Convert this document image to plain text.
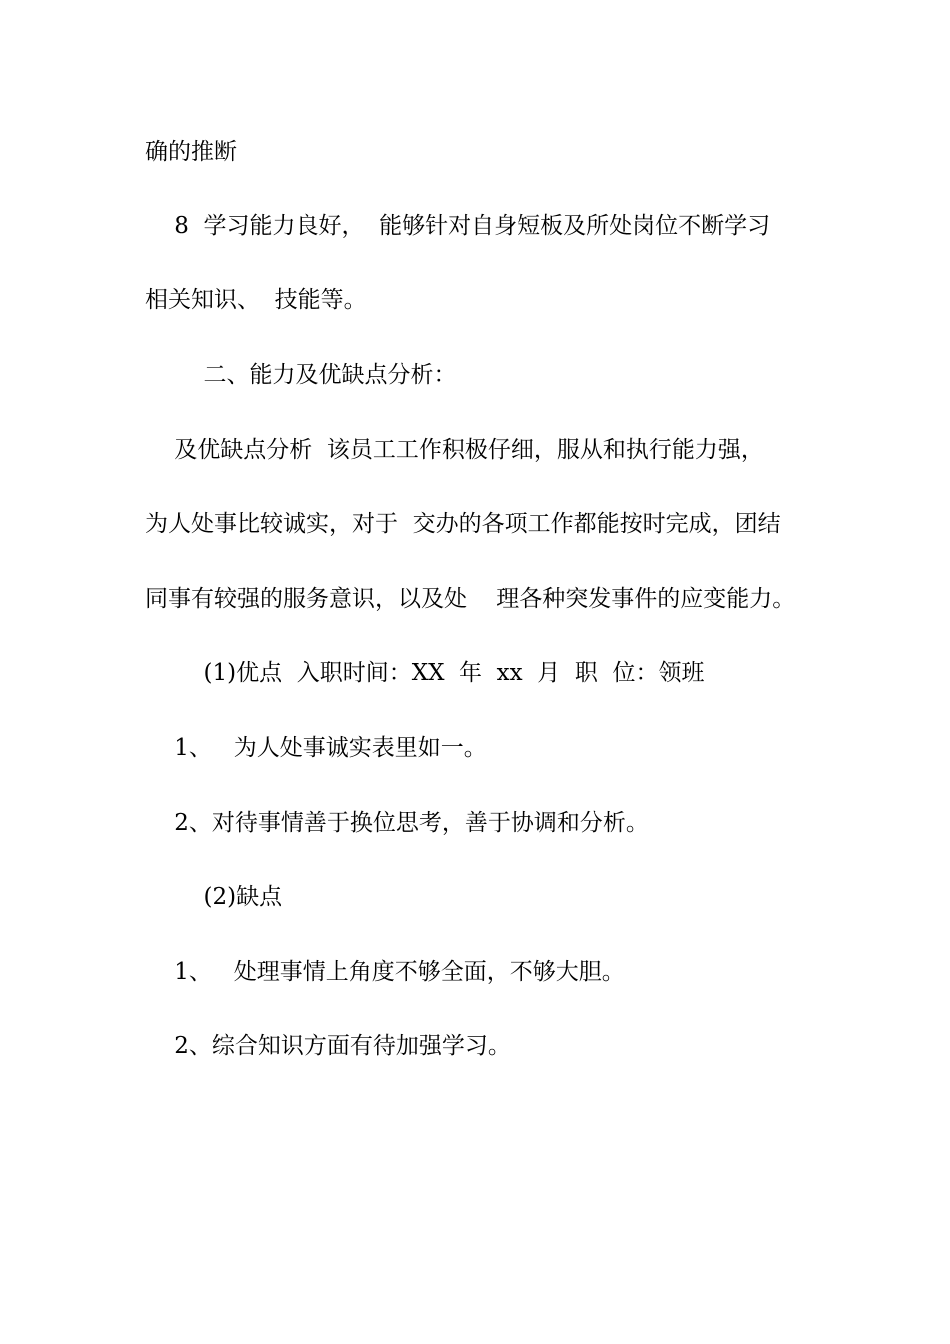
确的推断

8  学习能力良好，  能够针对自身短板及所处岗位不断学习

相关知识、  技能等。

二、能力及优缺点分析：

及优缺点分析  该员工工作积极仔细，服从和执行能力强，

为人处事比较诚实，对于  交办的各项工作都能按时完成，团结

同事有较强的服务意识，以及处    理各种突发事件的应变能力。

(1)优点  入职时间：XX  年  xx  月  职  位：领班

1、   为人处事诚实表里如一。

2、对待事情善于换位思考，善于协调和分析。

(2)缺点

1、   处理事情上角度不够全面，不够大胆。

2、综合知识方面有待加强学习。
